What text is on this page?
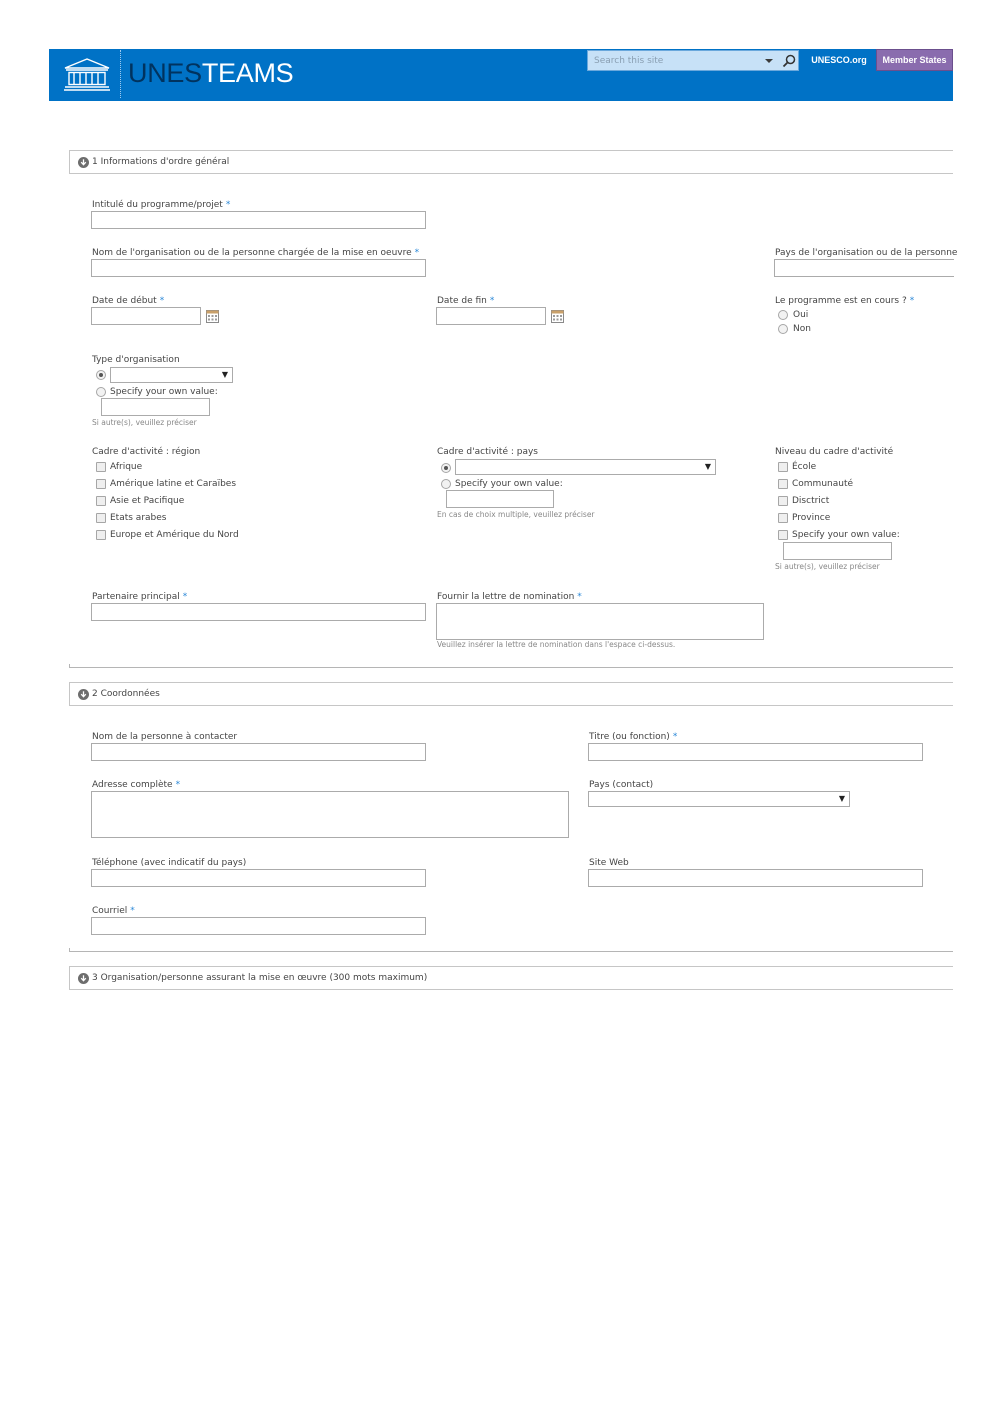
UNESTEAMS
Search this site	UNESCO.org	Member States
1 Informations d'ordre général
Intitulé du programme/projet *
Nom de l'organisation ou de la personne chargée de la mise en oeuvre *	Pays de l'organisation ou de la personne
Date de début *	Date de fin *	Le programme est en cours ? *
Oui
Non
Type d'organisation
▼
Specify your own value:
Si autre(s), veuillez préciser
Cadre d'activité : région
Afrique
Amérique latine et Caraïbes
Asie et Pacifique
Etats arabes
Europe et Amérique du Nord
Cadre d'activité : pays
▼
Specify your own value:
En cas de choix multiple, veuillez préciser
Niveau du cadre d'activité
École
Communauté
Disctrict
Province
Specify your own value:
Si autre(s), veuillez préciser
Partenaire principal *	Fournir la lettre de nomination *
Veuillez insérer la lettre de nomination dans l'espace ci-dessus.
2 Coordonnées
Nom de la personne à contacter	Titre (ou fonction) *
Adresse complète *	Pays (contact)
▼
Téléphone (avec indicatif du pays)	Site Web
Courriel *
3 Organisation/personne assurant la mise en œuvre (300 mots maximum)
